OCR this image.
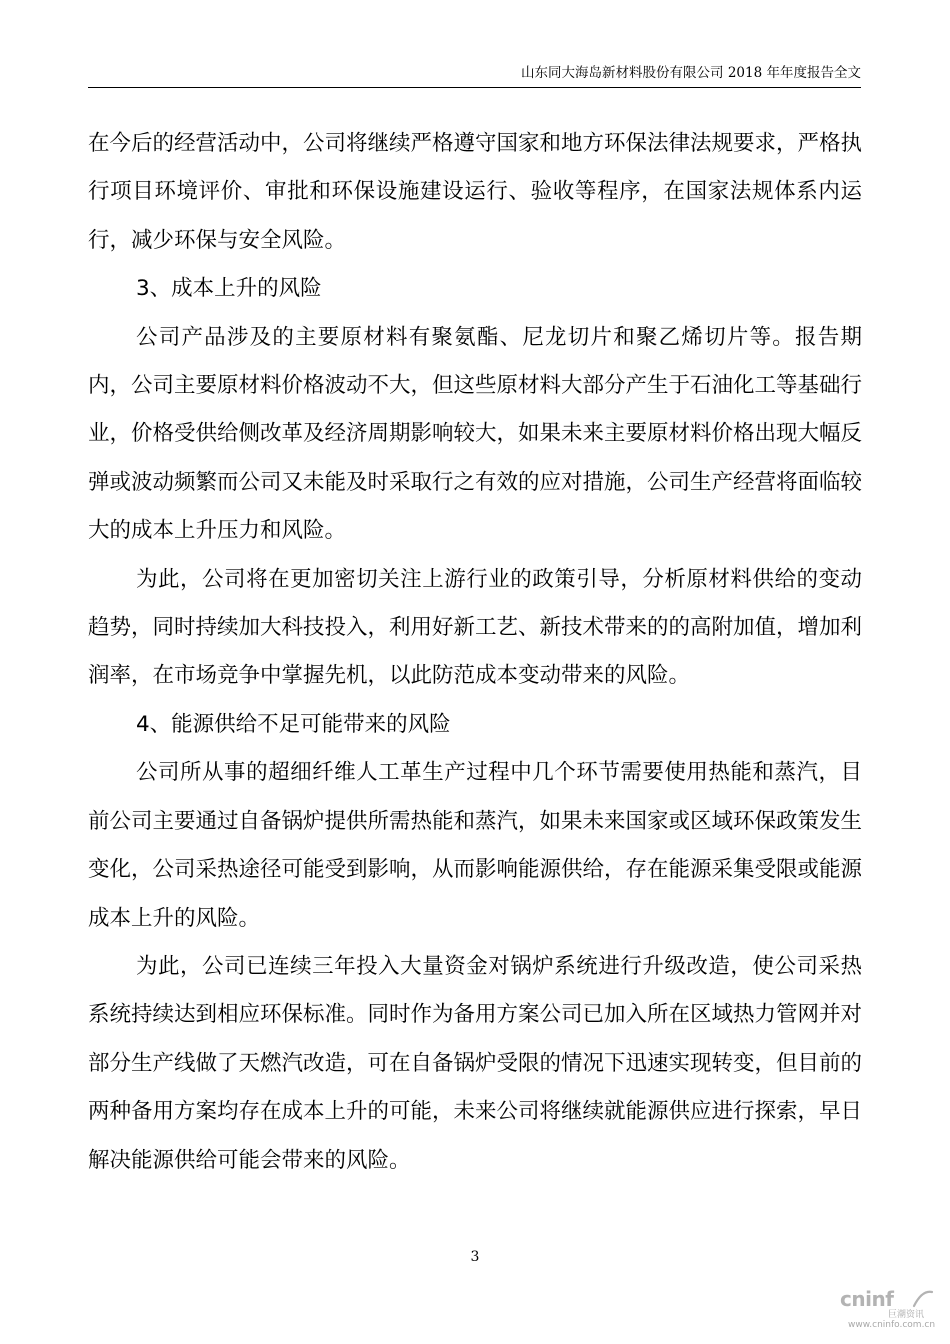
山东同大海岛新材料股份有限公司 2018 年年度报告全文

在今后的经营活动中，公司将继续严格遵守国家和地方环保法律法规要求，严格执行项目环境评价、审批和环保设施建设运行、验收等程序，在国家法规体系内运行，减少环保与安全风险。

3、成本上升的风险

公司产品涉及的主要原材料有聚氨酯、尼龙切片和聚乙烯切片等。报告期内，公司主要原材料价格波动不大，但这些原材料大部分产生于石油化工等基础行业，价格受供给侧改革及经济周期影响较大，如果未来主要原材料价格出现大幅反弹或波动频繁而公司又未能及时采取行之有效的应对措施，公司生产经营将面临较大的成本上升压力和风险。

为此，公司将在更加密切关注上游行业的政策引导，分析原材料供给的变动趋势，同时持续加大科技投入，利用好新工艺、新技术带来的的高附加值，增加利润率，在市场竞争中掌握先机，以此防范成本变动带来的风险。

4、能源供给不足可能带来的风险

公司所从事的超细纤维人工革生产过程中几个环节需要使用热能和蒸汽，目前公司主要通过自备锅炉提供所需热能和蒸汽，如果未来国家或区域环保政策发生变化，公司采热途径可能受到影响，从而影响能源供给，存在能源采集受限或能源成本上升的风险。

为此，公司已连续三年投入大量资金对锅炉系统进行升级改造，使公司采热系统持续达到相应环保标准。同时作为备用方案公司已加入所在区域热力管网并对部分生产线做了天燃汽改造，可在自备锅炉受限的情况下迅速实现转变，但目前的两种备用方案均存在成本上升的可能，未来公司将继续就能源供应进行探索，早日解决能源供给可能会带来的风险。

3
cninf
巨潮资讯
www.cninfo.com.cn
